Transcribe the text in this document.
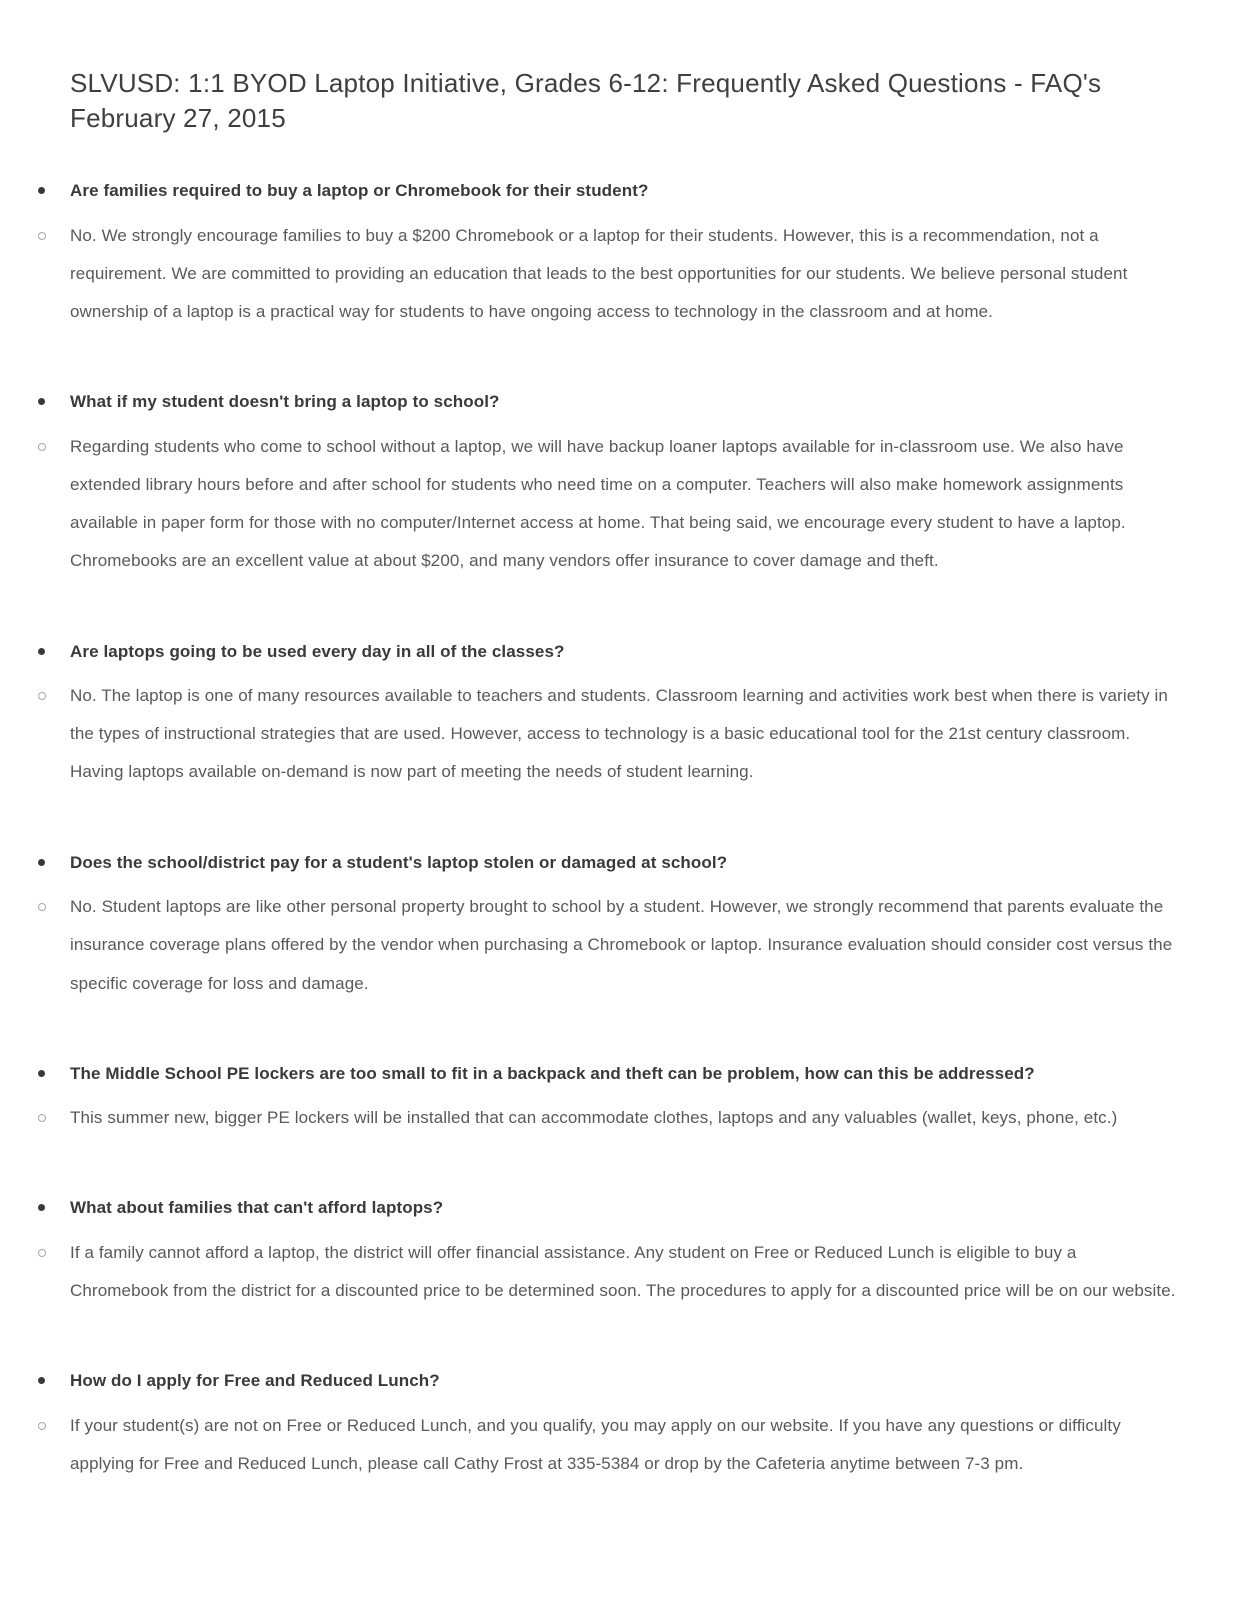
SLVUSD: 1:1 BYOD Laptop Initiative, Grades 6-12: Frequently Asked Questions - FAQ's
February 27, 2015
Are families required to buy a laptop or Chromebook for their student?
No. We strongly encourage families to buy a $200 Chromebook or a laptop for their students. However, this is a recommendation, not a requirement. We are committed to providing an education that leads to the best opportunities for our students. We believe personal student ownership of a laptop is a practical way for students to have ongoing access to technology in the classroom and at home.
What if my student doesn't bring a laptop to school?
Regarding students who come to school without a laptop, we will have backup loaner laptops available for in-classroom use. We also have extended library hours before and after school for students who need time on a computer. Teachers will also make homework assignments available in paper form for those with no computer/Internet access at home. That being said, we encourage every student to have a laptop. Chromebooks are an excellent value at about $200, and many vendors offer insurance to cover damage and theft.
Are laptops going to be used every day in all of the classes?
No. The laptop is one of many resources available to teachers and students. Classroom learning and activities work best when there is variety in the types of instructional strategies that are used. However, access to technology is a basic educational tool for the 21st century classroom. Having laptops available on-demand is now part of meeting the needs of student learning.
Does the school/district pay for a student's laptop stolen or damaged at school?
No. Student laptops are like other personal property brought to school by a student. However, we strongly recommend that parents evaluate the insurance coverage plans offered by the vendor when purchasing a Chromebook or laptop. Insurance evaluation should consider cost versus the specific coverage for loss and damage.
The Middle School PE lockers are too small to fit in a backpack and theft can be problem, how can this be addressed?
This summer new, bigger PE lockers will be installed that can accommodate clothes, laptops and any valuables (wallet, keys, phone, etc.)
What about families that can't afford laptops?
If a family cannot afford a laptop, the district will offer financial assistance. Any student on Free or Reduced Lunch is eligible to buy a Chromebook from the district for a discounted price to be determined soon. The procedures to apply for a discounted price will be on our website.
How do I apply for Free and Reduced Lunch?
If your student(s) are not on Free or Reduced Lunch, and you qualify, you may apply on our website. If you have any questions or difficulty applying for Free and Reduced Lunch, please call Cathy Frost at 335-5384 or drop by the Cafeteria anytime between 7-3 pm.
